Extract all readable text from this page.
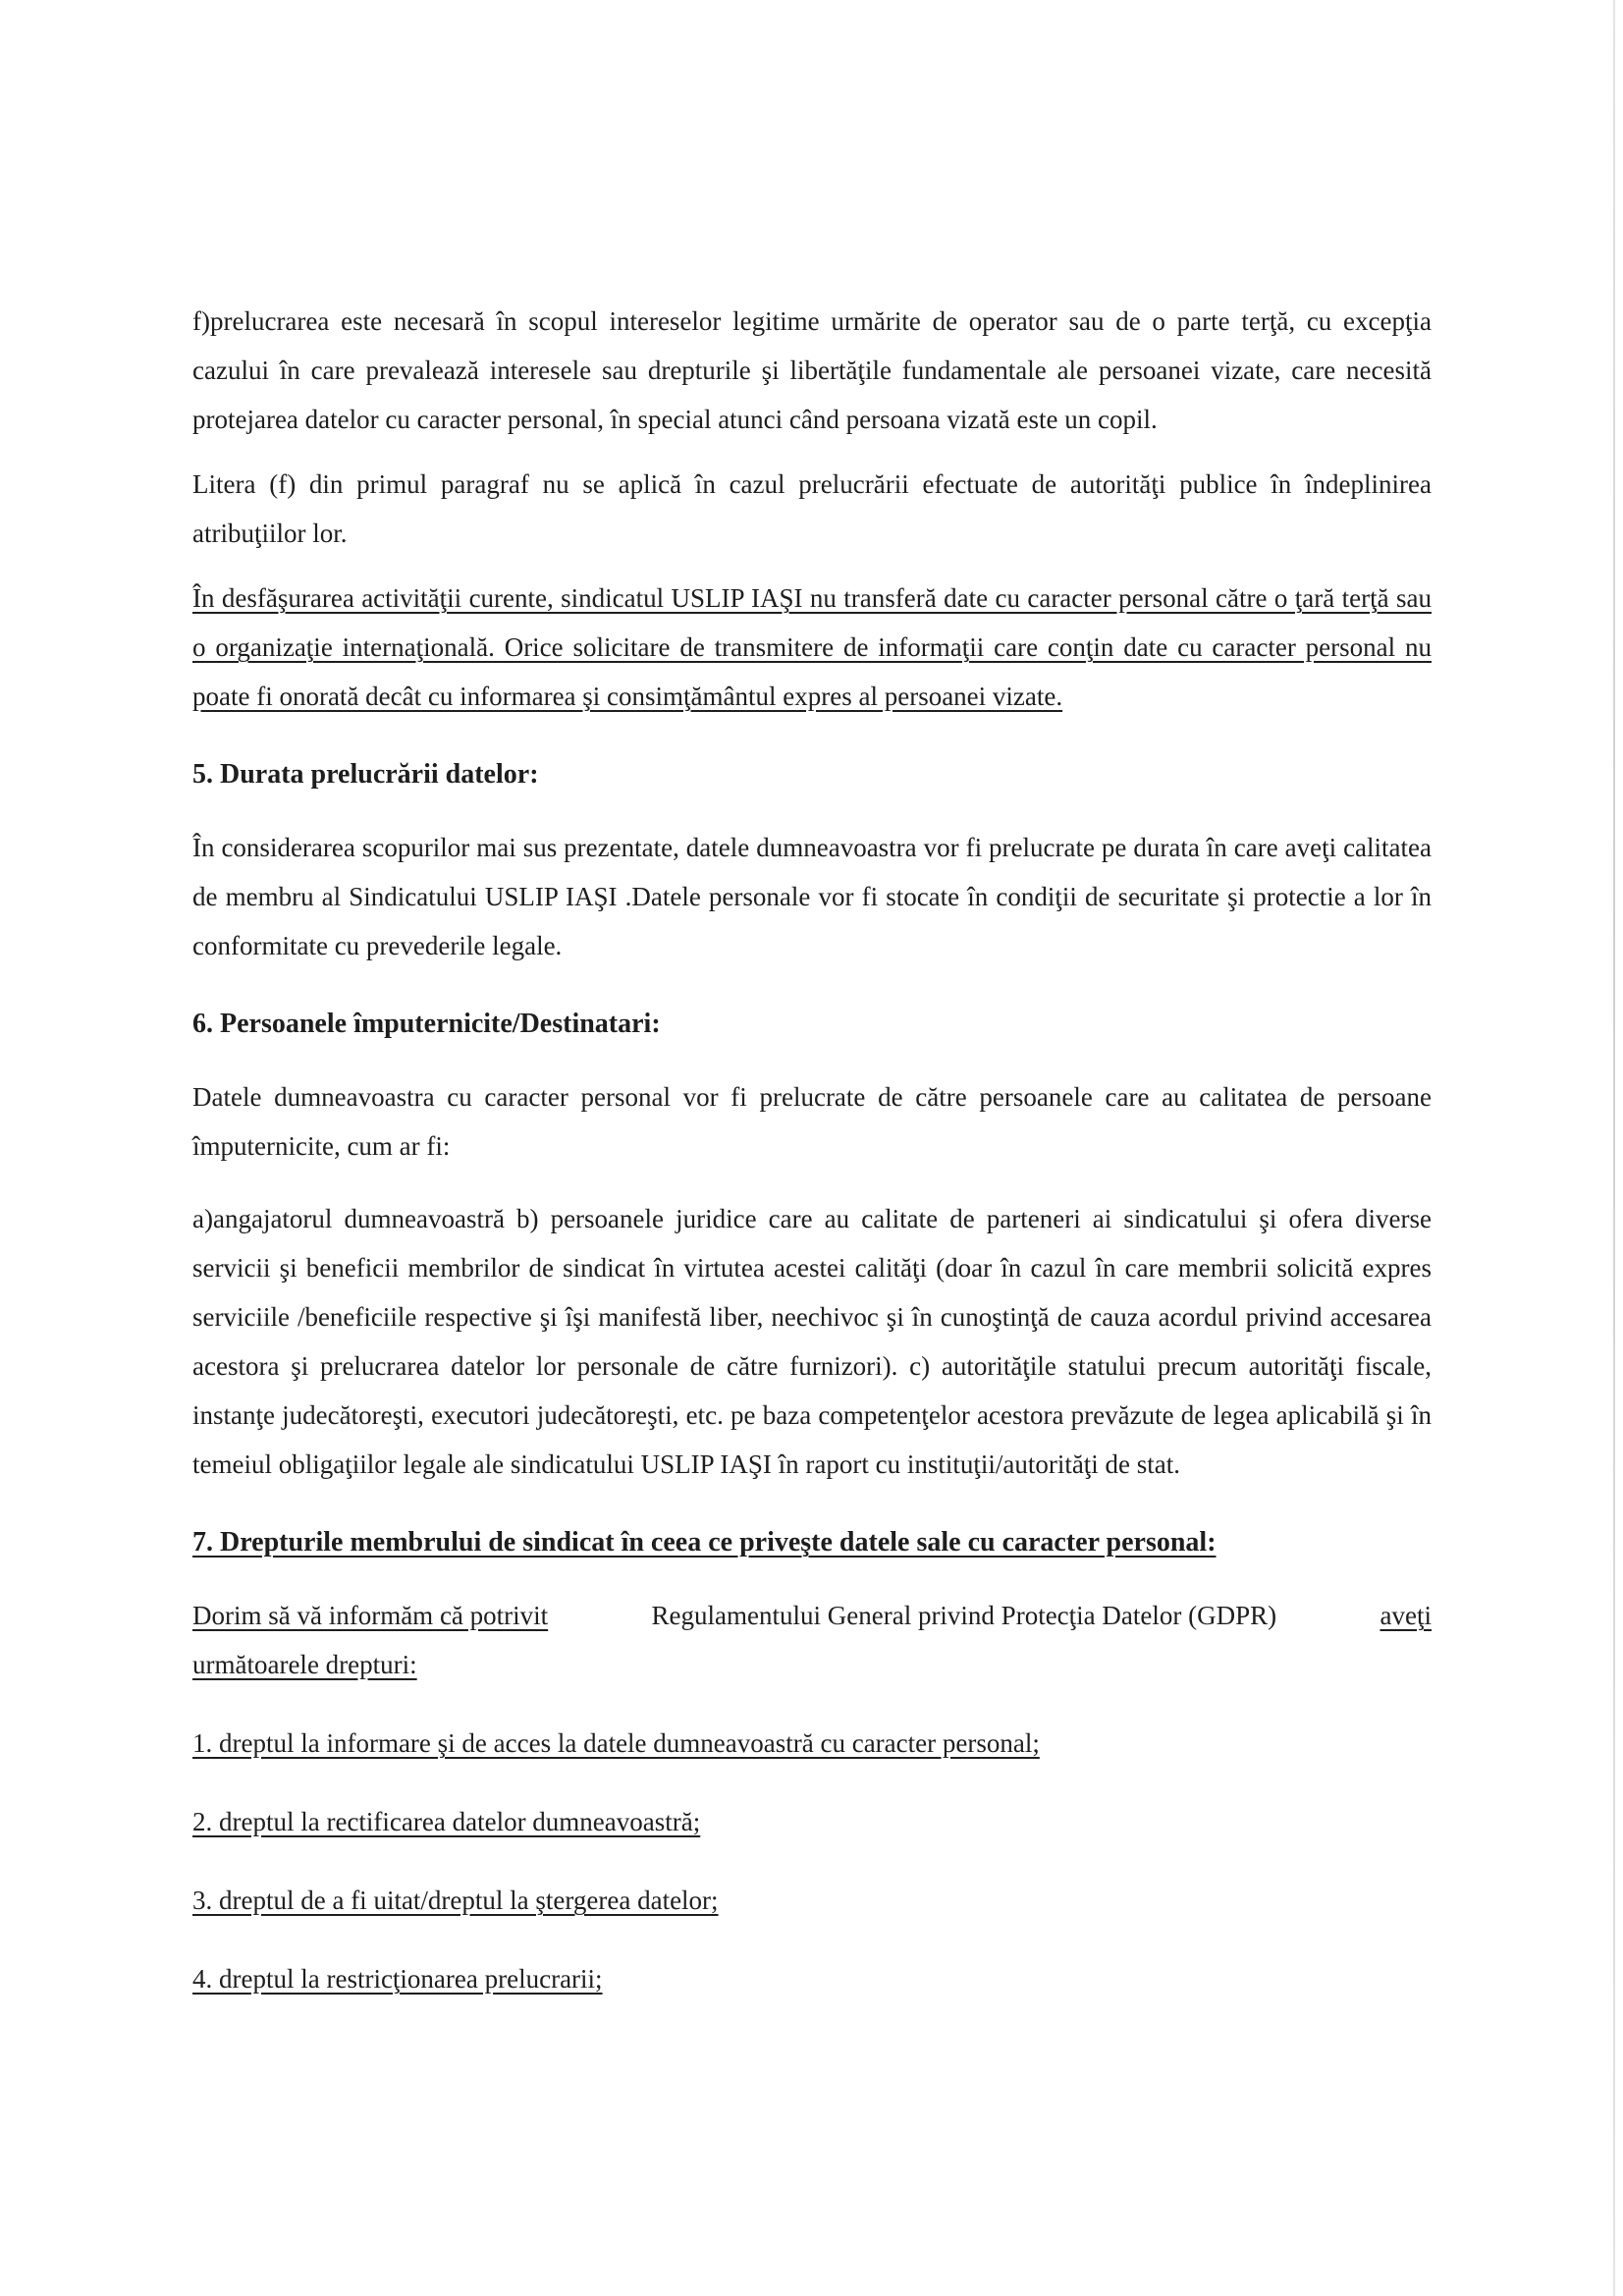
f)prelucrarea este necesară în scopul intereselor legitime urmărite de operator sau de o parte terţă, cu excepţia cazului în care prevalează interesele sau drepturile şi libertăţile fundamentale ale persoanei vizate, care necesită protejarea datelor cu caracter personal, în special atunci când persoana vizată este un copil.

Litera (f) din primul paragraf nu se aplică în cazul prelucrării efectuate de autorităţi publice în îndeplinirea atribuţiilor lor.

În desfăşurarea activităţii curente, sindicatul USLIP IAŞI nu transferă date cu caracter personal către o ţară terţă sau o organizaţie internaţională. Orice solicitare de transmitere de informaţii care conţin date cu caracter personal nu poate fi onorată decât cu informarea şi consimţământul expres al persoanei vizate.

5. Durata prelucrării datelor:

În considerarea scopurilor mai sus prezentate, datele dumneavoastra vor fi prelucrate pe durata în care aveţi calitatea de membru al Sindicatului USLIP IAŞI .Datele personale vor fi stocate în condiţii de securitate şi protectie a lor în conformitate cu prevederile legale.

6. Persoanele împuternicite/Destinatari:

Datele dumneavoastra cu caracter personal vor fi prelucrate de către persoanele care au calitatea de persoane împuternicite, cum ar fi:

a)angajatorul dumneavoastră b) persoanele juridice care au calitate de parteneri ai sindicatului şi ofera diverse servicii şi beneficii membrilor de sindicat în virtutea acestei calităţi (doar în cazul în care membrii solicită expres serviciile /beneficiile respective şi îşi manifestă liber, neechivoc şi în cunoştinţă de cauza acordul privind accesarea acestora şi prelucrarea datelor lor personale de către furnizori). c) autorităţile statului precum autorităţi fiscale, instanţe judecătoreşti, executori judecătoreşti, etc. pe baza competenţelor acestora prevăzute de legea aplicabilă şi în temeiul obligaţiilor legale ale sindicatului USLIP IAŞI în raport cu instituţii/autorităţi de stat.

7. Drepturile membrului de sindicat în ceea ce priveşte datele sale cu caracter personal:

Dorim să vă informăm că potrivit	Regulamentului General privind Protecţia Datelor (GDPR)	aveţi
următoarele drepturi:

1. dreptul la informare şi de acces la datele dumneavoastră cu caracter personal;

2. dreptul la rectificarea datelor dumneavoastră;

3. dreptul de a fi uitat/dreptul la ştergerea datelor;

4. dreptul la restricţionarea prelucrarii;
